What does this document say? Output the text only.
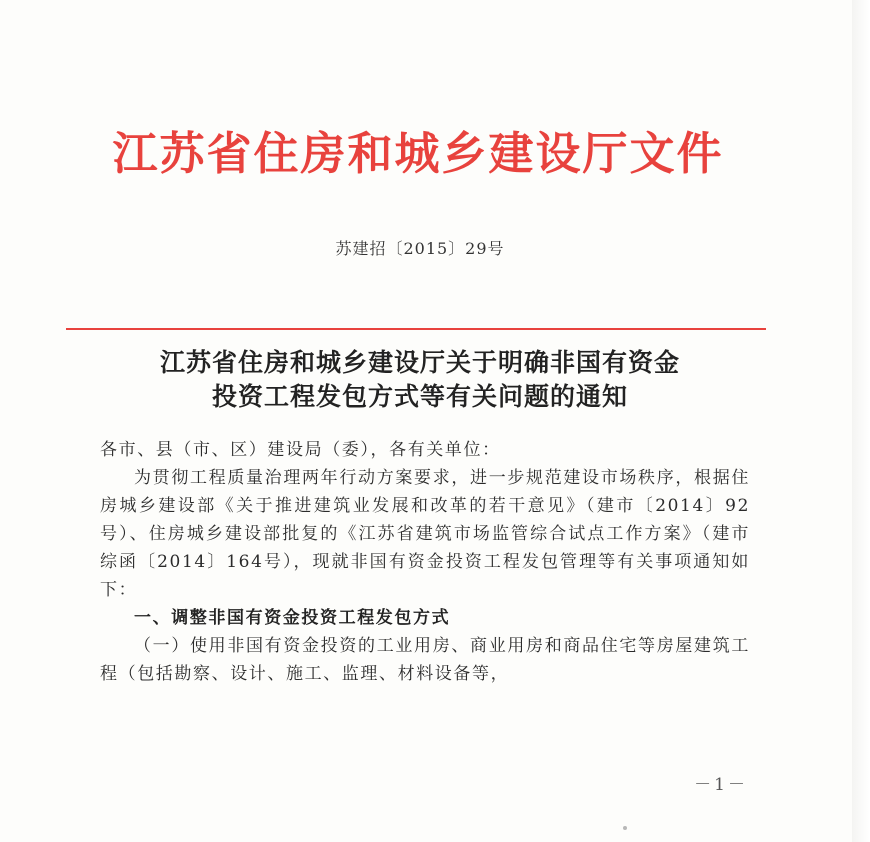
江苏省住房和城乡建设厅文件
苏建招〔2015〕29号
江苏省住房和城乡建设厅关于明确非国有资金
投资工程发包方式等有关问题的通知

各市、县（市、区）建设局（委），各有关单位：

为贯彻工程质量治理两年行动方案要求，进一步规范建设市场秩序，根据住房城乡建设部《关于推进建筑业发展和改革的若干意见》（建市〔2014〕92号）、住房城乡建设部批复的《江苏省建筑市场监管综合试点工作方案》（建市综函〔2014〕164号），现就非国有资金投资工程发包管理等有关事项通知如下：

一、调整非国有资金投资工程发包方式

（一）使用非国有资金投资的工业用房、商业用房和商品住宅等房屋建筑工程（包括勘察、设计、施工、监理、材料设备等，

－1－
